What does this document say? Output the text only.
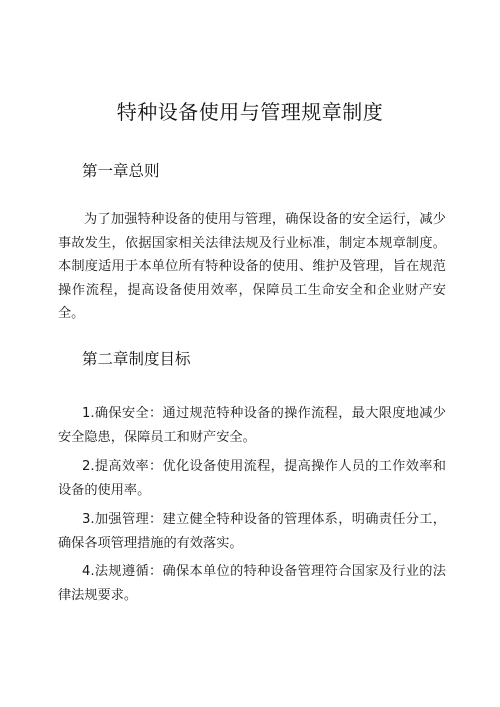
特种设备使用与管理规章制度
第一章总则
为了加强特种设备的使用与管理，确保设备的安全运行，减少事故发生，依据国家相关法律法规及行业标准，制定本规章制度。本制度适用于本单位所有特种设备的使用、维护及管理，旨在规范操作流程，提高设备使用效率，保障员工生命安全和企业财产安全。
第二章制度目标
1.确保安全：通过规范特种设备的操作流程，最大限度地减少安全隐患，保障员工和财产安全。
2.提高效率：优化设备使用流程，提高操作人员的工作效率和设备的使用率。
3.加强管理：建立健全特种设备的管理体系，明确责任分工，确保各项管理措施的有效落实。
4.法规遵循：确保本单位的特种设备管理符合国家及行业的法律法规要求。
